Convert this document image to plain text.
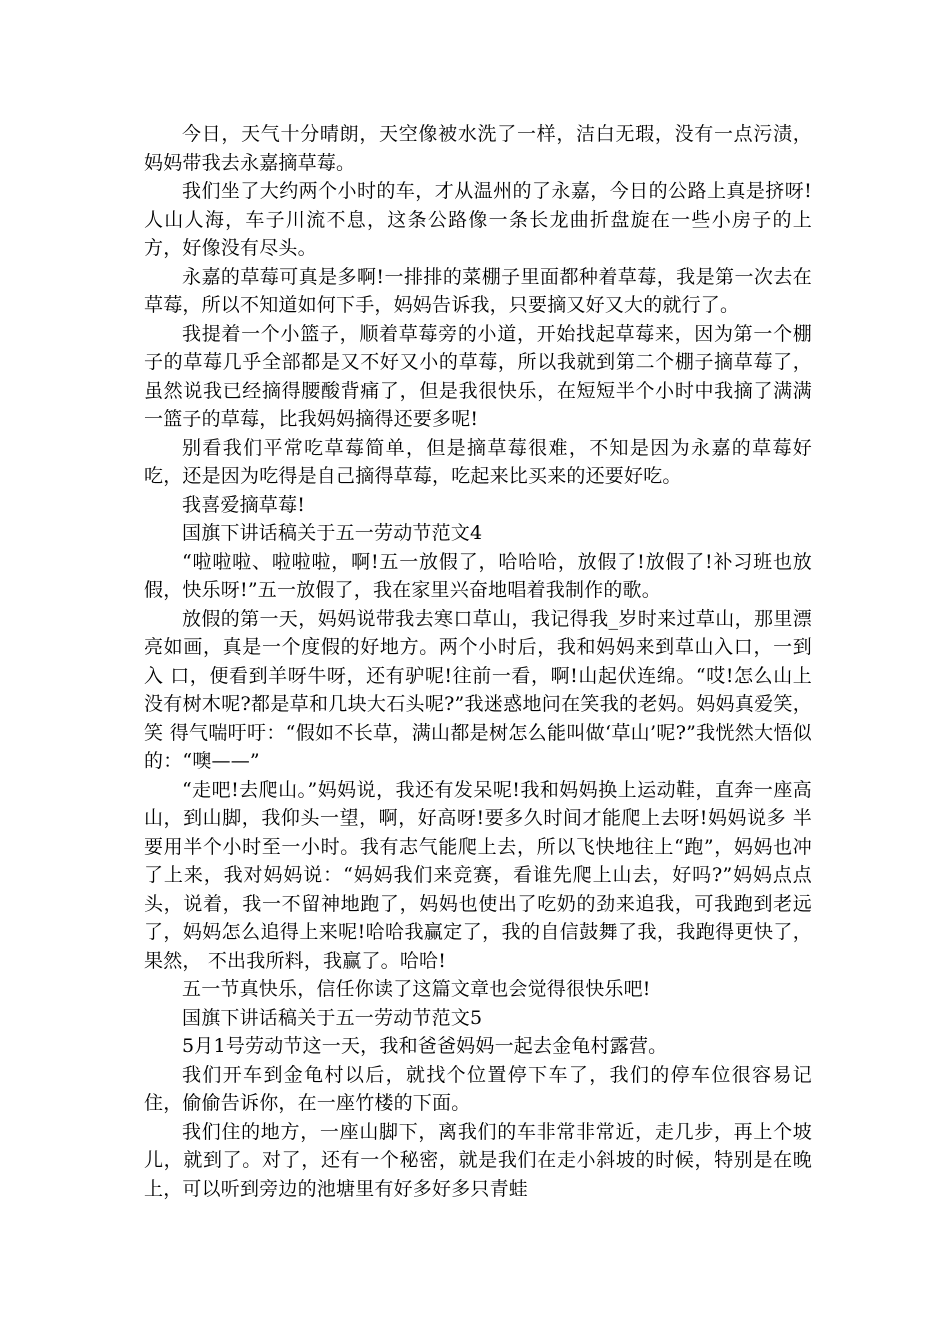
今日，天气十分晴朗，天空像被水洗了一样，洁白无瑕，没有一点污渍，妈妈带我去永嘉摘草莓。

我们坐了大约两个小时的车，才从温州的了永嘉，今日的公路上真是挤呀!人山人海，车子川流不息，这条公路像一条长龙曲折盘旋在一些小房子的上方，好像没有尽头。

永嘉的草莓可真是多啊!一排排的菜棚子里面都种着草莓，我是第一次去在草莓，所以不知道如何下手，妈妈告诉我，只要摘又好又大的就行了。

我提着一个小篮子，顺着草莓旁的小道，开始找起草莓来，因为第一个棚子的草莓几乎全部都是又不好又小的草莓，所以我就到第二个棚子摘草莓了，虽然说我已经摘得腰酸背痛了，但是我很快乐，在短短半个小时中我摘了满满一篮子的草莓，比我妈妈摘得还要多呢!

别看我们平常吃草莓简单，但是摘草莓很难，不知是因为永嘉的草莓好吃，还是因为吃得是自己摘得草莓，吃起来比买来的还要好吃。

我喜爱摘草莓!

国旗下讲话稿关于五一劳动节范文4

“啦啦啦、啦啦啦，啊!五一放假了，哈哈哈，放假了!放假了!补习班也放假，快乐呀!”五一放假了，我在家里兴奋地唱着我制作的歌。

放假的第一天，妈妈说带我去寒口草山，我记得我_岁时来过草山，那里漂亮如画，真是一个度假的好地方。两个小时后，我和妈妈来到草山入口，一到入 口，便看到羊呀牛呀，还有驴呢!往前一看，啊!山起伏连绵。“哎!怎么山上没有树木呢?都是草和几块大石头呢?”我迷惑地问在笑我的老妈。妈妈真爱笑，笑 得气喘吁吁：“假如不长草，满山都是树怎么能叫做‘草山’呢?”我恍然大悟似的：“噢——”

“走吧!去爬山。”妈妈说，我还有发呆呢!我和妈妈换上运动鞋，直奔一座高山，到山脚，我仰头一望，啊，好高呀!要多久时间才能爬上去呀!妈妈说多 半要用半个小时至一小时。我有志气能爬上去，所以飞快地往上“跑”，妈妈也冲了上来，我对妈妈说：“妈妈我们来竞赛，看谁先爬上山去，好吗?”妈妈点点 头，说着，我一不留神地跑了，妈妈也使出了吃奶的劲来追我，可我跑到老远了，妈妈怎么追得上来呢!哈哈我赢定了，我的自信鼓舞了我，我跑得更快了，果然， 不出我所料，我赢了。哈哈!

五一节真快乐，信任你读了这篇文章也会觉得很快乐吧!

国旗下讲话稿关于五一劳动节范文5

5月1号劳动节这一天，我和爸爸妈妈一起去金龟村露营。

我们开车到金龟村以后，就找个位置停下车了，我们的停车位很容易记住，偷偷告诉你，在一座竹楼的下面。

我们住的地方，一座山脚下，离我们的车非常非常近，走几步，再上个坡儿，就到了。对了，还有一个秘密，就是我们在走小斜坡的时候，特别是在晚上，可以听到旁边的池塘里有好多好多只青蛙
